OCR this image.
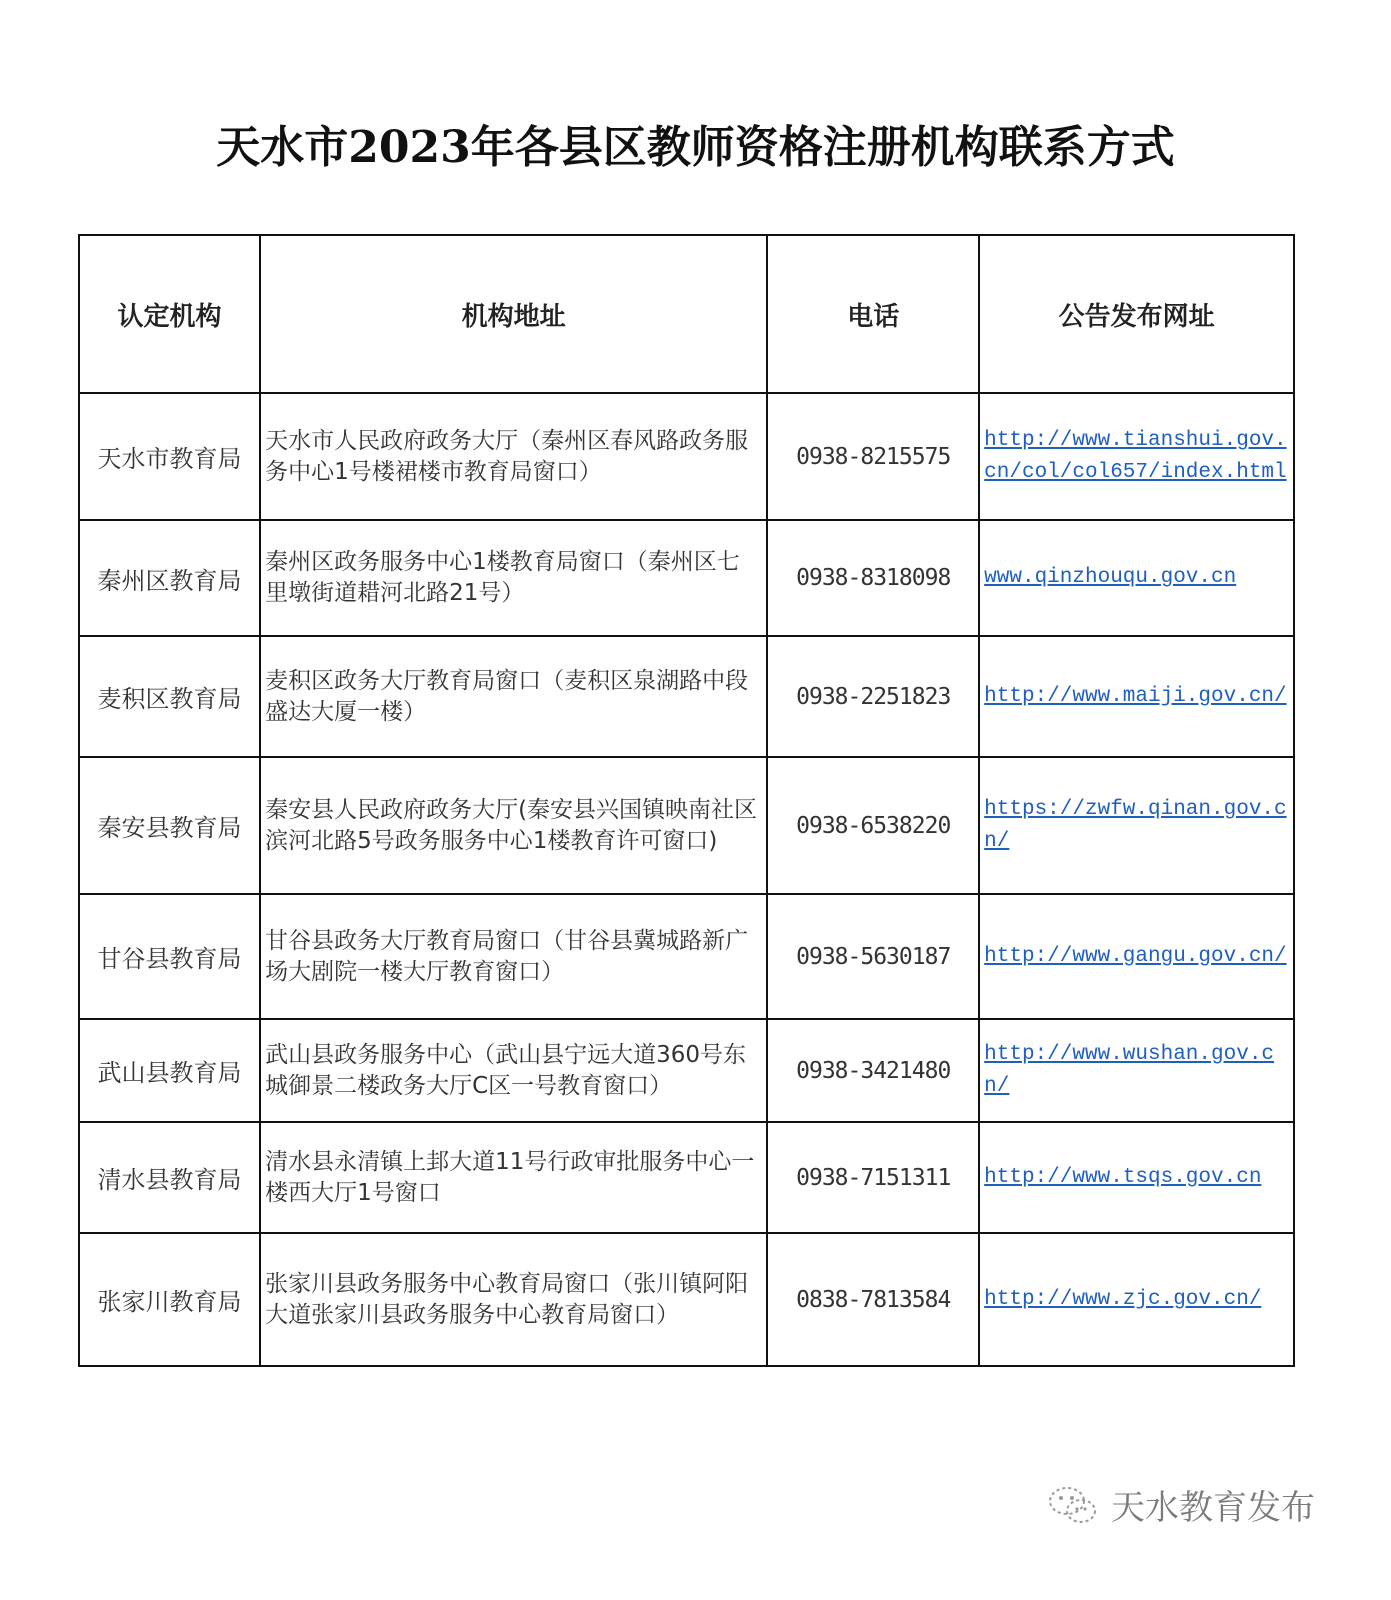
天水市2023年各县区教师资格注册机构联系方式
认定机构	机构地址	电话	公告发布网址
天水市教育局	天水市人民政府政务大厅（秦州区春风路政务服务中心1号楼裙楼市教育局窗口）	0938-8215575	http://www.tianshui.gov.cn/col/col657/index.html
秦州区教育局	秦州区政务服务中心1楼教育局窗口（秦州区七里墩街道耤河北路21号）	0938-8318098	www.qinzhouqu.gov.cn
麦积区教育局	麦积区政务大厅教育局窗口（麦积区泉湖路中段盛达大厦一楼）	0938-2251823	http://www.maiji.gov.cn/
秦安县教育局	秦安县人民政府政务大厅(秦安县兴国镇映南社区滨河北路5号政务服务中心1楼教育许可窗口)	0938-6538220	https://zwfw.qinan.gov.cn/
甘谷县教育局	甘谷县政务大厅教育局窗口（甘谷县冀城路新广场大剧院一楼大厅教育窗口）	0938-5630187	http://www.gangu.gov.cn/
武山县教育局	武山县政务服务中心（武山县宁远大道360号东城御景二楼政务大厅C区一号教育窗口）	0938-3421480	http://www.wushan.gov.cn/
清水县教育局	清水县永清镇上邽大道11号行政审批服务中心一楼西大厅1号窗口	0938-7151311	http://www.tsqs.gov.cn
张家川教育局	张家川县政务服务中心教育局窗口（张川镇阿阳大道张家川县政务服务中心教育局窗口）	0838-7813584	http://www.zjc.gov.cn/
天水教育发布
